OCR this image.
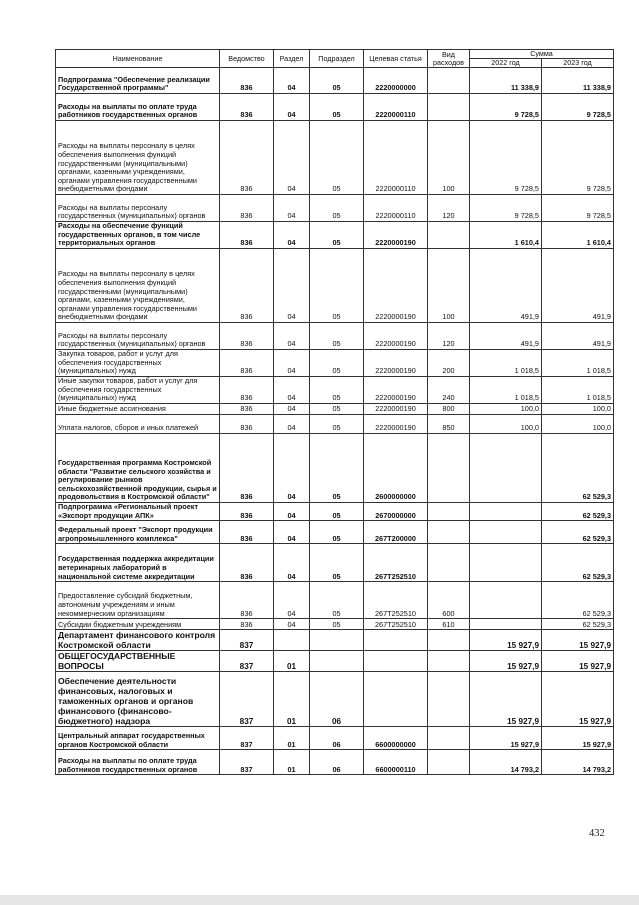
Наименование	Ведомство	Раздел	Подраздел	Целевая статья	Вид расходов	Сумма	
						2022 год	2023 год
Подпрограмма "Обеспечение реализации Государственной программы"	836	04	05	2220000000		11 338,9	11 338,9
Расходы на выплаты по оплате труда работников государственных органов	836	04	05	2220000110		9 728,5	9 728,5
Расходы на выплаты персоналу в целях обеспечения выполнения функций государственными (муниципальными) органами, казенными учреждениями, органами управления государственными внебюджетными фондами	836	04	05	2220000110	100	9 728,5	9 728,5
Расходы на выплаты персоналу государственных (муниципальных) органов	836	04	05	2220000110	120	9 728,5	9 728,5
Расходы на обеспечение функций государственных органов, в том числе территориальных органов	836	04	05	2220000190		1 610,4	1 610,4
Расходы на выплаты персоналу в целях обеспечения выполнения функций государственными (муниципальными) органами, казенными учреждениями, органами управления государственными внебюджетными фондами	836	04	05	2220000190	100	491,9	491,9
Расходы на выплаты персоналу государственных (муниципальных) органов	836	04	05	2220000190	120	491,9	491,9
Закупка товаров, работ и услуг для обеспечения государственных (муниципальных) нужд	836	04	05	2220000190	200	1 018,5	1 018,5
Иные закупки товаров, работ и услуг для обеспечения государственных (муниципальных) нужд	836	04	05	2220000190	240	1 018,5	1 018,5
Иные бюджетные ассигнования	836	04	05	2220000190	800	100,0	100,0
Уплата налогов, сборов и иных платежей	836	04	05	2220000190	850	100,0	100,0
Государственная программа Костромской области "Развитие сельского хозяйства и регулирование рынков сельскохозяйственной продукции, сырья и продовольствия в Костромской области"	836	04	05	2600000000			62 529,3
Подпрограмма «Региональный проект «Экспорт продукции АПК»	836	04	05	2670000000			62 529,3
Федеральный проект "Экспорт продукции агропромышленного комплекса"	836	04	05	267T200000			62 529,3
Государственная поддержка аккредитации ветеринарных лабораторий в национальной системе аккредитации	836	04	05	267T252510			62 529,3
Предоставление субсидий бюджетным, автономным учреждениям и иным некоммерческим организациям	836	04	05	267T252510	600		62 529,3
Субсидии бюджетным учреждениям	836	04	05	267T252510	610		62 529,3
Департамент финансового контроля Костромской области	837					15 927,9	15 927,9
ОБЩЕГОСУДАРСТВЕННЫЕ ВОПРОСЫ	837	01				15 927,9	15 927,9
Обеспечение деятельности финансовых, налоговых и таможенных органов и органов финансового (финансово-бюджетного) надзора	837	01	06			15 927,9	15 927,9
Центральный аппарат государственных органов Костромской области	837	01	06	6600000000		15 927,9	15 927,9
Расходы на выплаты по оплате труда работников государственных органов	837	01	06	6600000110		14 793,2	14 793,2
432
